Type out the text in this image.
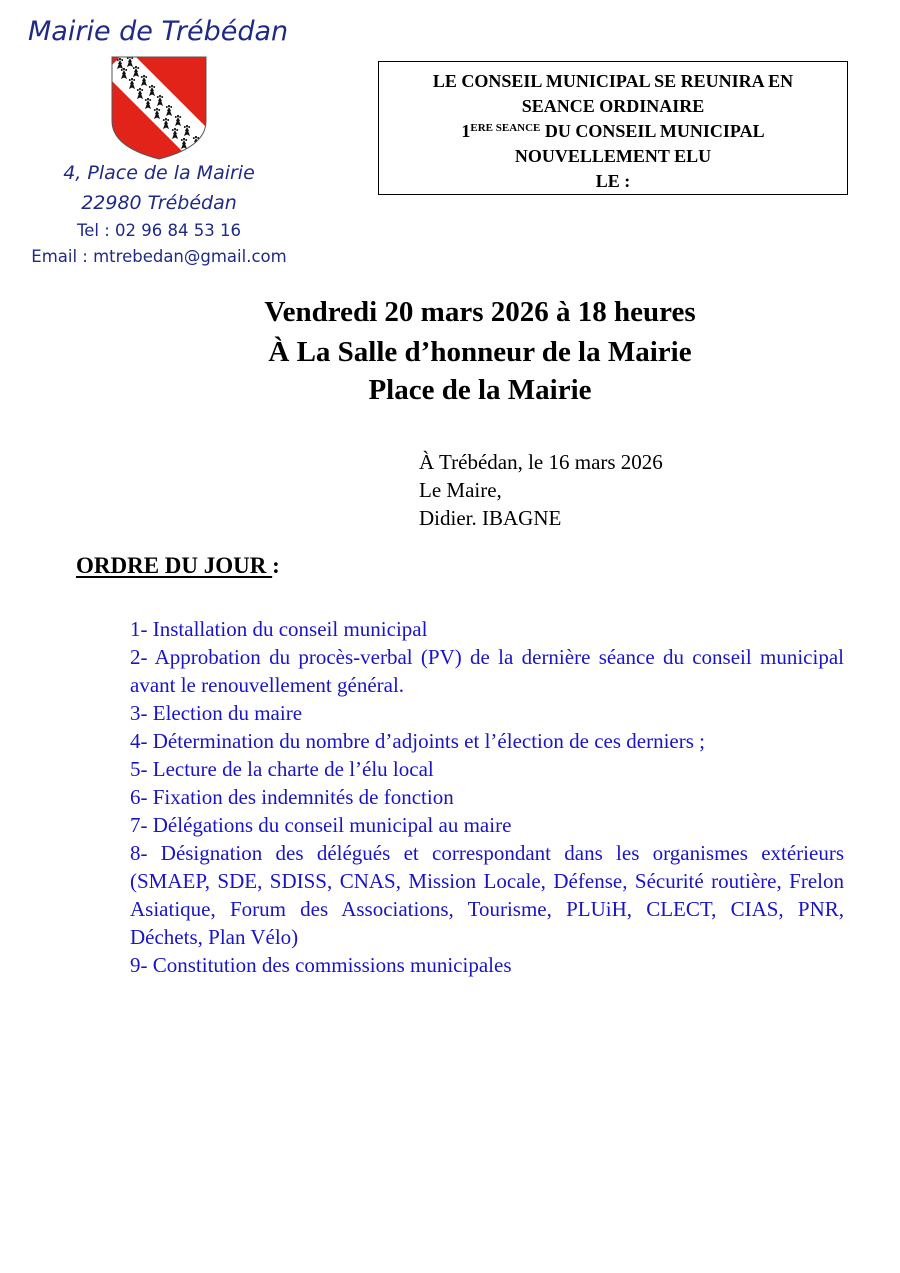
Mairie de Trébédan
4, Place de la Mairie
22980 Trébédan
Tel : 02 96 84 53 16
Email : mtrebedan@gmail.com
LE CONSEIL MUNICIPAL SE REUNIRA EN
SEANCE ORDINAIRE
$1^{ERE SEANCE}$ DU CONSEIL MUNICIPAL
NOUVELLEMENT ELU
LE :
Vendredi 20 mars 2026 à 18 heures
À La Salle d’honneur de la Mairie
Place de la Mairie
À Trébédan, le 16 mars 2026
Le Maire,
Didier. IBAGNE
ORDRE DU JOUR :
1- Installation du conseil municipal
2- Approbation du procès-verbal (PV) de la dernière séance du conseil municipal avant le renouvellement général.
3- Election du maire
4- Détermination du nombre d’adjoints et l’élection de ces derniers ;
5- Lecture de la charte de l’élu local
6- Fixation des indemnités de fonction
7- Délégations du conseil municipal au maire
8- Désignation des délégués et correspondant dans les organismes extérieurs (SMAEP, SDE, SDISS, CNAS, Mission Locale, Défense, Sécurité routière, Frelon Asiatique, Forum des Associations, Tourisme, PLUiH, CLECT, CIAS, PNR, Déchets, Plan Vélo)
9- Constitution des commissions municipales
